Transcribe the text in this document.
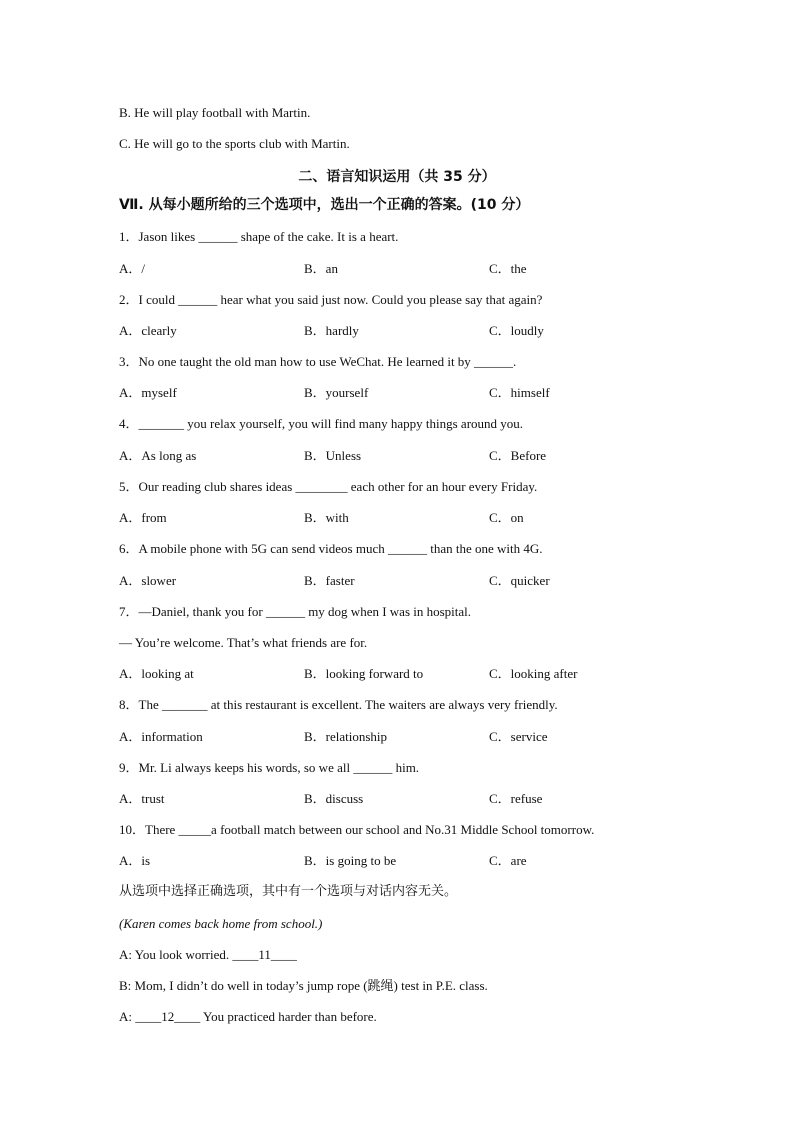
B. He will play football with Martin.
C. He will go to the sports club with Martin.
二、语言知识运用（共 35 分）
Ⅶ. 从每小题所给的三个选项中，选出一个正确的答案。(10 分）
1．Jason likes ______ shape of the cake. It is a heart.
A．/	B．an	C．the
2．I could ______ hear what you said just now. Could you please say that again?
A．clearly	B．hardly	C．loudly
3．No one taught the old man how to use WeChat. He learned it by ______.
A．myself	B．yourself	C．himself
4．_______ you relax yourself, you will find many happy things around you.
A．As long as	B．Unless	C．Before
5．Our reading club shares ideas ________ each other for an hour every Friday.
A．from	B．with	C．on
6．A mobile phone with 5G can send videos much ______ than the one with 4G.
A．slower	B．faster	C．quicker
7．—Daniel, thank you for ______ my dog when I was in hospital.
— You’re welcome. That’s what friends are for.
A．looking at	B．looking forward to	C．looking after
8．The _______ at this restaurant is excellent. The waiters are always very friendly.
A．information	B．relationship	C．service
9．Mr. Li always keeps his words, so we all ______ him.
A．trust	B．discuss	C．refuse
10．There _____a football match between our school and No.31 Middle School tomorrow.
A．is	B．is going to be	C．are
从选项中选择正确选项，其中有一个选项与对话内容无关。
(Karen comes back home from school.)
A: You look worried. ____11____
B: Mom, I didn’t do well in today’s jump rope (跳绳) test in P.E. class.
A: ____12____ You practiced harder than before.
